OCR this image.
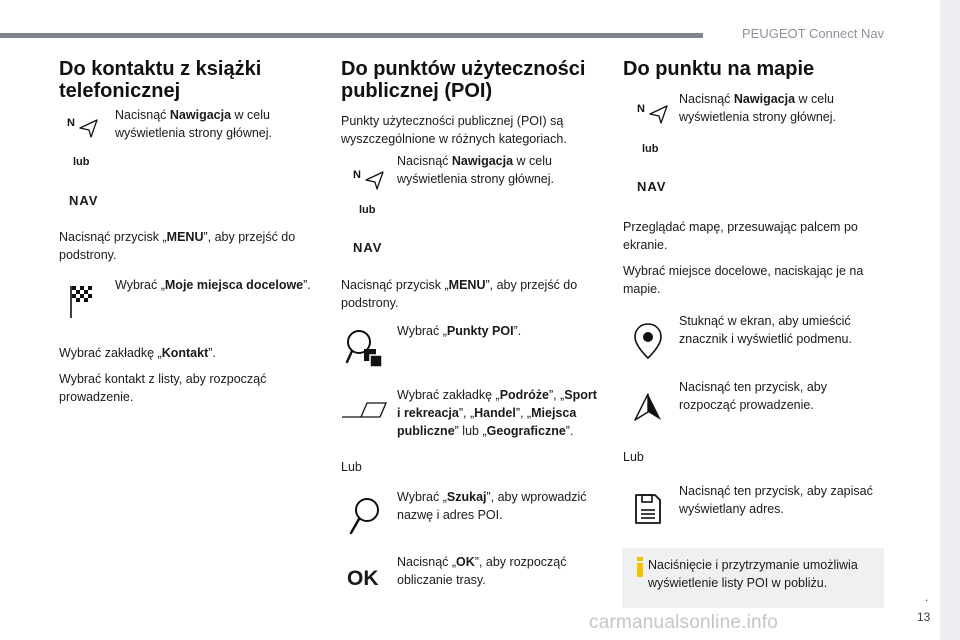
PEUGEOT Connect Nav
Do kontaktu z książki telefonicznej
N
lub
NAV
Nacisnąć Nawigacja w celu wyświetlenia strony głównej.
Nacisnąć przycisk „MENU”, aby przejść do podstrony.
Wybrać „Moje miejsca docelowe”.
Wybrać zakładkę „Kontakt”.
Wybrać kontakt z listy, aby rozpocząć prowadzenie.
Do punktów użyteczności publicznej (POI)
Punkty użyteczności publicznej (POI) są wyszczególnione w różnych kategoriach.
N
lub
NAV
Nacisnąć Nawigacja w celu wyświetlenia strony głównej.
Nacisnąć przycisk „MENU”, aby przejść do podstrony.
Wybrać „Punkty POI”.
Wybrać zakładkę „Podróże”, „Sport i rekreacja”, „Handel”, „Miejsca publiczne” lub „Geograficzne”.
Lub
Wybrać „Szukaj”, aby wprowadzić nazwę i adres POI.
OK
Nacisnąć „OK”, aby rozpocząć obliczanie trasy.
Do punktu na mapie
N
lub
NAV
Nacisnąć Nawigacja w celu wyświetlenia strony głównej.
Przeglądać mapę, przesuwając palcem po ekranie.
Wybrać miejsce docelowe, naciskając je na mapie.
Stuknąć w ekran, aby umieścić znacznik i wyświetlić podmenu.
Nacisnąć ten przycisk, aby rozpocząć prowadzenie.
Lub
Nacisnąć ten przycisk, aby zapisać wyświetlany adres.
Naciśnięcie i przytrzymanie umożliwia wyświetlenie listy POI w pobliżu.
carmanualsonline.info
.
13
